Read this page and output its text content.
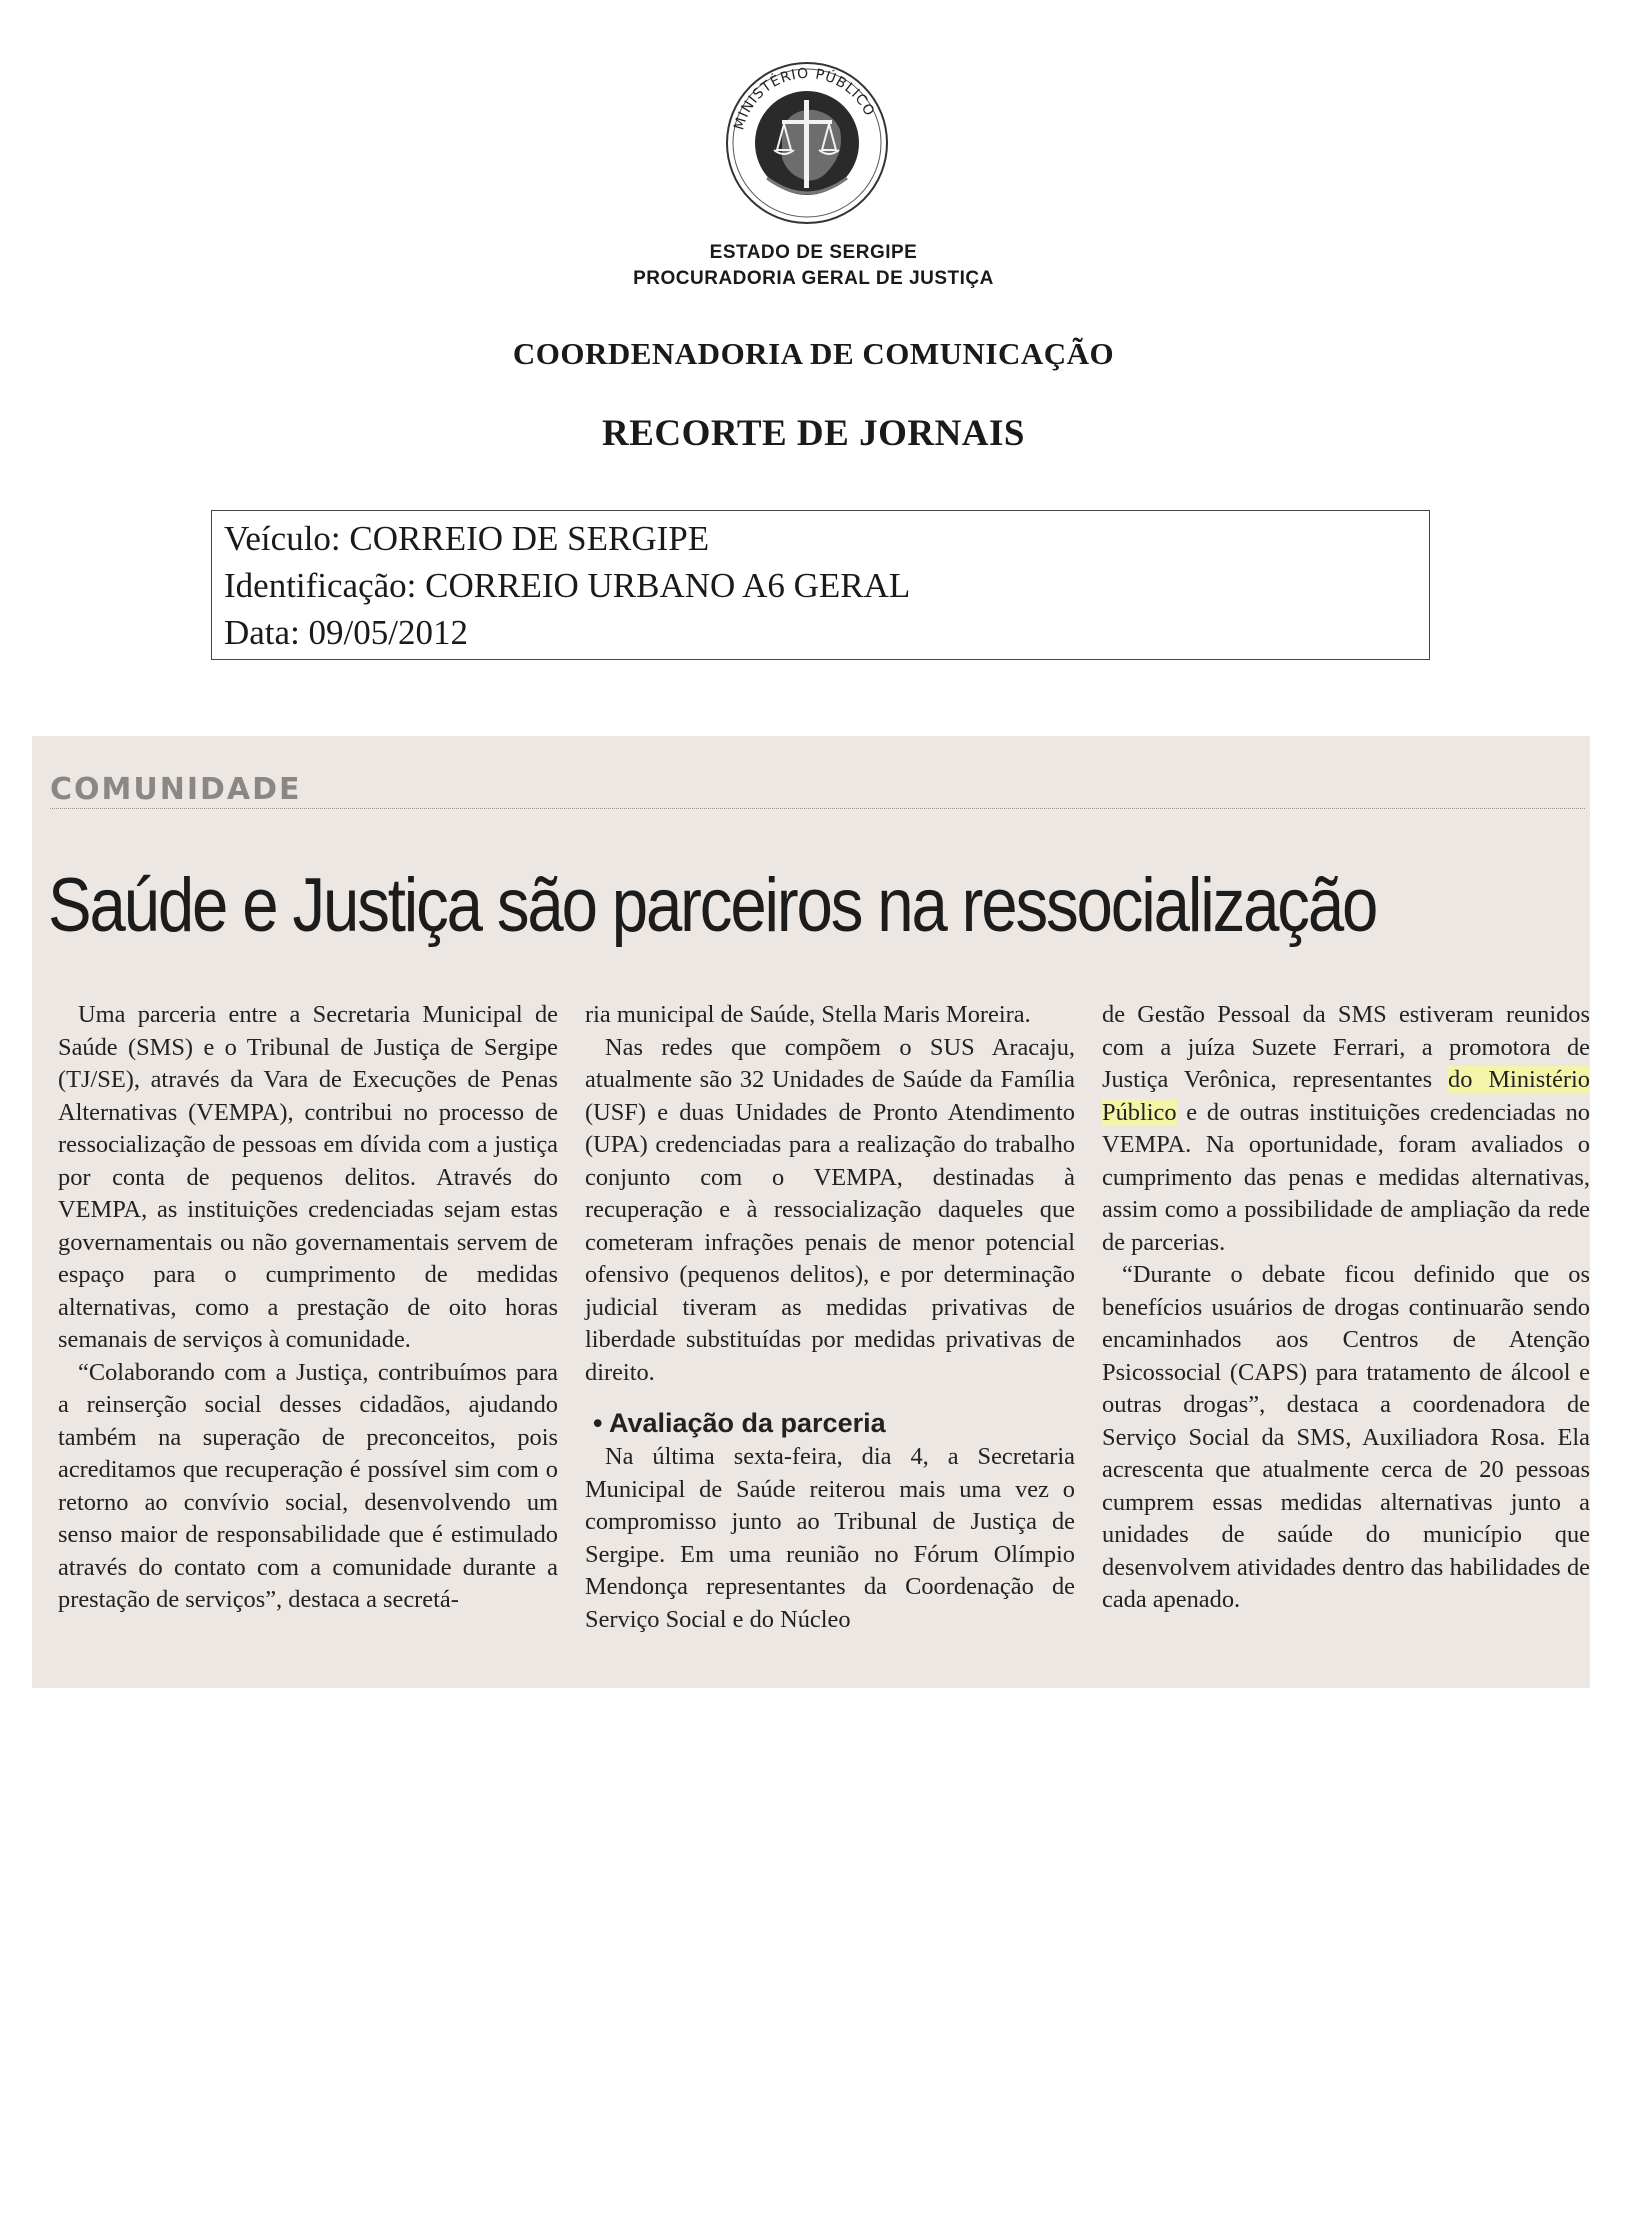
MINISTÉRIO PÚBLICO
ESTADO DE SERGIPE
PROCURADORIA GERAL DE JUSTIÇA
COORDENADORIA DE COMUNICAÇÃO
RECORTE DE JORNAIS
Veículo: CORREIO DE SERGIPE
Identificação: CORREIO URBANO A6 GERAL
Data: 09/05/2012
COMUNIDADE
Saúde e Justiça são parceiros na ressocialização

Uma parceria entre a Secretaria Municipal de Saúde (SMS) e o Tribunal de Justiça de Sergipe (TJ/SE), através da Vara de Execuções de Penas Alternativas (VEMPA), contribui no processo de ressocialização de pessoas em dívida com a justiça por conta de pequenos delitos. Através do VEMPA, as instituições credenciadas sejam estas governamentais ou não governamentais servem de espaço para o cumprimento de medidas alternativas, como a prestação de oito horas semanais de serviços à comunidade.

“Colaborando com a Justiça, contribuímos para a reinserção social desses cidadãos, ajudando também na superação de preconceitos, pois acreditamos que recuperação é possível sim com o retorno ao convívio social, desenvolvendo um senso maior de responsabilidade que é estimulado através do contato com a comunidade durante a prestação de serviços”, destaca a secretá-

ria municipal de Saúde, Stella Maris Moreira.

Nas redes que compõem o SUS Aracaju, atualmente são 32 Unidades de Saúde da Família (USF) e duas Unidades de Pronto Atendimento (UPA) credenciadas para a realização do trabalho conjunto com o VEMPA, destinadas à recuperação e à ressocialização daqueles que cometeram infrações penais de menor potencial ofensivo (pequenos delitos), e por determinação judicial tiveram as medidas privativas de liberdade substituídas por medidas privativas de direito.

• Avaliação da parceria

Na última sexta-feira, dia 4, a Secretaria Municipal de Saúde reiterou mais uma vez o compromisso junto ao Tribunal de Justiça de Sergipe. Em uma reunião no Fórum Olímpio Mendonça representantes da Coordenação de Serviço Social e do Núcleo

de Gestão Pessoal da SMS estiveram reunidos com a juíza Suzete Ferrari, a promotora de Justiça Verônica, representantes do Ministério Público e de outras instituições credenciadas no VEMPA. Na oportunidade, foram avaliados o cumprimento das penas e medidas alternativas, assim como a possibilidade de ampliação da rede de parcerias.

“Durante o debate ficou definido que os benefícios usuários de drogas continuarão sendo encaminhados aos Centros de Atenção Psicossocial (CAPS) para tratamento de álcool e outras drogas”, destaca a coordenadora de Serviço Social da SMS, Auxiliadora Rosa. Ela acrescenta que atualmente cerca de 20 pessoas cumprem essas medidas alternativas junto a unidades de saúde do município que desenvolvem atividades dentro das habilidades de cada apenado.
